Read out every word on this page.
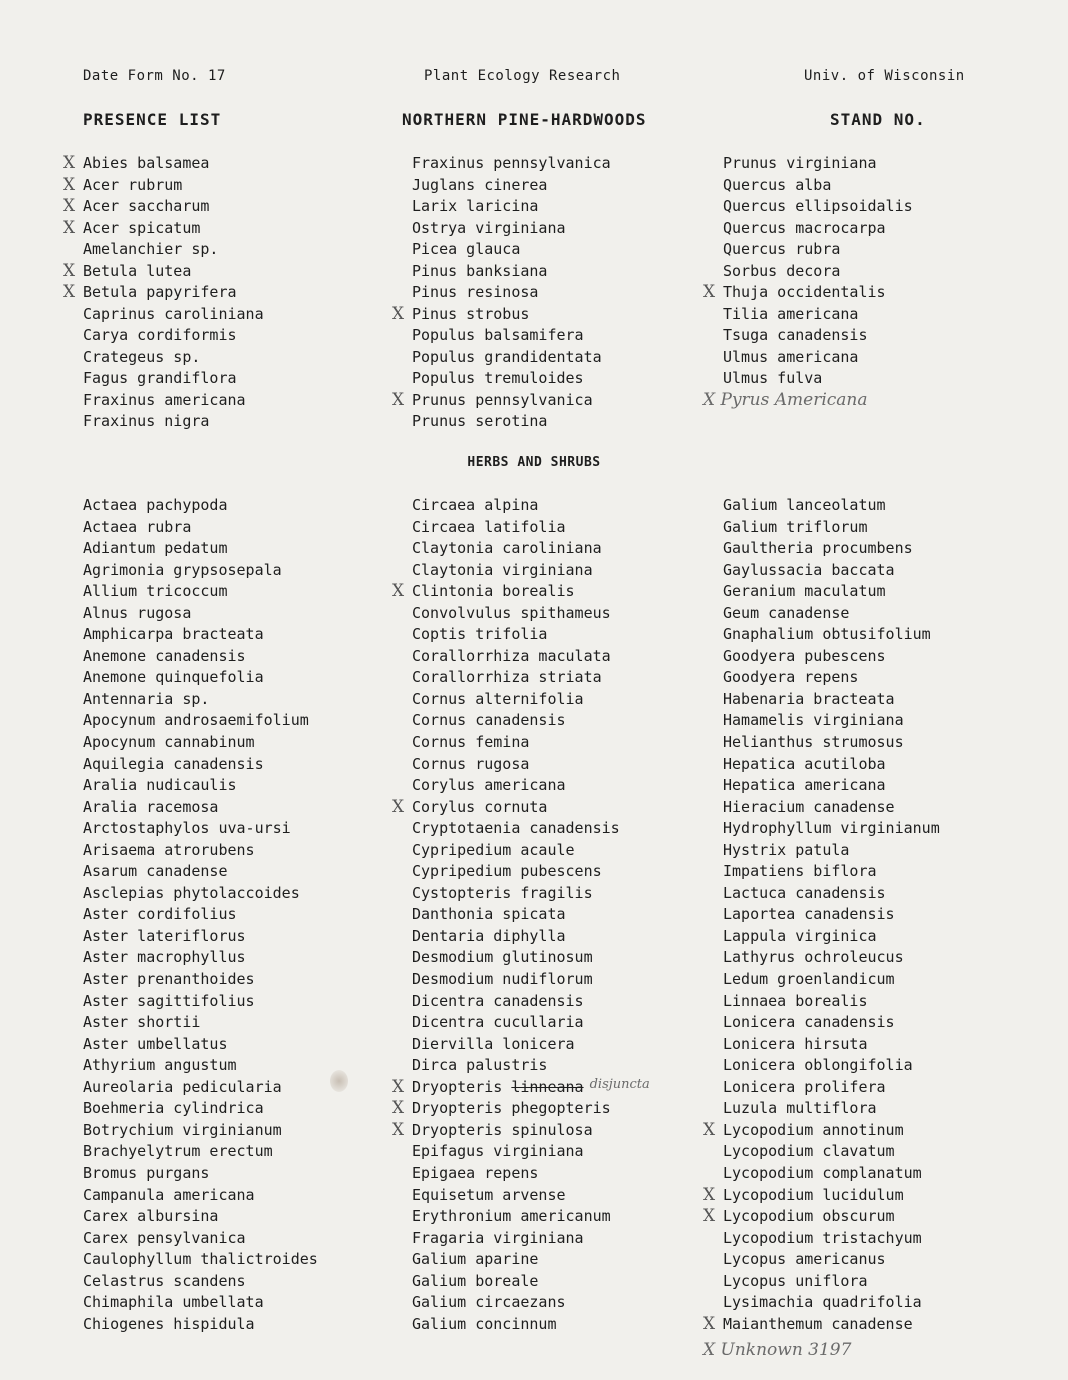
Date Form No. 17	Plant Ecology Research	Univ. of Wisconsin
PRESENCE LIST	NORTHERN PINE-HARDWOODS	STAND NO.
X Abies balsamea
X Acer rubrum
X Acer saccharum
X Acer spicatum
Amelanchier sp.
X Betula lutea
X Betula papyrifera
Caprinus caroliniana
Carya cordiformis
Crategeus sp.
Fagus grandiflora
Fraxinus americana
Fraxinus nigra
Fraxinus pennsylvanica
Juglans cinerea
Larix laricina
Ostrya virginiana
Picea glauca
Pinus banksiana
Pinus resinosa
X Pinus strobus
Populus balsamifera
Populus grandidentata
Populus tremuloides
X Prunus pennsylvanica
Prunus serotina
Prunus virginiana
Quercus alba
Quercus ellipsoidalis
Quercus macrocarpa
Quercus rubra
Sorbus decora
X Thuja occidentalis
Tilia americana
Tsuga canadensis
Ulmus americana
Ulmus fulva
X Pyrus Americana
HERBS AND SHRUBS
Actaea pachypoda
Actaea rubra
Adiantum pedatum
Agrimonia grypsosepala
Allium tricoccum
Alnus rugosa
Amphicarpa bracteata
Anemone canadensis
Anemone quinquefolia
Antennaria sp.
Apocynum androsaemifolium
Apocynum cannabinum
Aquilegia canadensis
Aralia nudicaulis
Aralia racemosa
Arctostaphylos uva-ursi
Arisaema atrorubens
Asarum canadense
Asclepias phytolaccoides
Aster cordifolius
Aster lateriflorus
Aster macrophyllus
Aster prenanthoides
Aster sagittifolius
Aster shortii
Aster umbellatus
Athyrium angustum
Aureolaria pedicularia
Boehmeria cylindrica
Botrychium virginianum
Brachyelytrum erectum
Bromus purgans
Campanula americana
Carex albursina
Carex pensylvanica
Caulophyllum thalictroides
Celastrus scandens
Chimaphila umbellata
Chiogenes hispidula
Circaea alpina
Circaea latifolia
Claytonia caroliniana
Claytonia virginiana
X Clintonia borealis
Convolvulus spithameus
Coptis trifolia
Corallorrhiza maculata
Corallorrhiza striata
Cornus alternifolia
Cornus canadensis
Cornus femina
Cornus rugosa
Corylus americana
X Corylus cornuta
Cryptotaenia canadensis
Cypripedium acaule
Cypripedium pubescens
Cystopteris fragilis
Danthonia spicata
Dentaria diphylla
Desmodium glutinosum
Desmodium nudiflorum
Dicentra canadensis
Dicentra cucullaria
Diervilla lonicera
Dirca palustris
X Dryopteris linneana disjuncta
X Dryopteris phegopteris
X Dryopteris spinulosa
Epifagus virginiana
Epigaea repens
Equisetum arvense
Erythronium americanum
Fragaria virginiana
Galium aparine
Galium boreale
Galium circaezans
Galium concinnum
Galium lanceolatum
Galium triflorum
Gaultheria procumbens
Gaylussacia baccata
Geranium maculatum
Geum canadense
Gnaphalium obtusifolium
Goodyera pubescens
Goodyera repens
Habenaria bracteata
Hamamelis virginiana
Helianthus strumosus
Hepatica acutiloba
Hepatica americana
Hieracium canadense
Hydrophyllum virginianum
Hystrix patula
Impatiens biflora
Lactuca canadensis
Laportea canadensis
Lappula virginica
Lathyrus ochroleucus
Ledum groenlandicum
Linnaea borealis
Lonicera canadensis
Lonicera hirsuta
Lonicera oblongifolia
Lonicera prolifera
Luzula multiflora
X Lycopodium annotinum
Lycopodium clavatum
Lycopodium complanatum
X Lycopodium lucidulum
X Lycopodium obscurum
Lycopodium tristachyum
Lycopus americanus
Lycopus uniflora
Lysimachia quadrifolia
X Maianthemum canadense
X Unknown 3197
